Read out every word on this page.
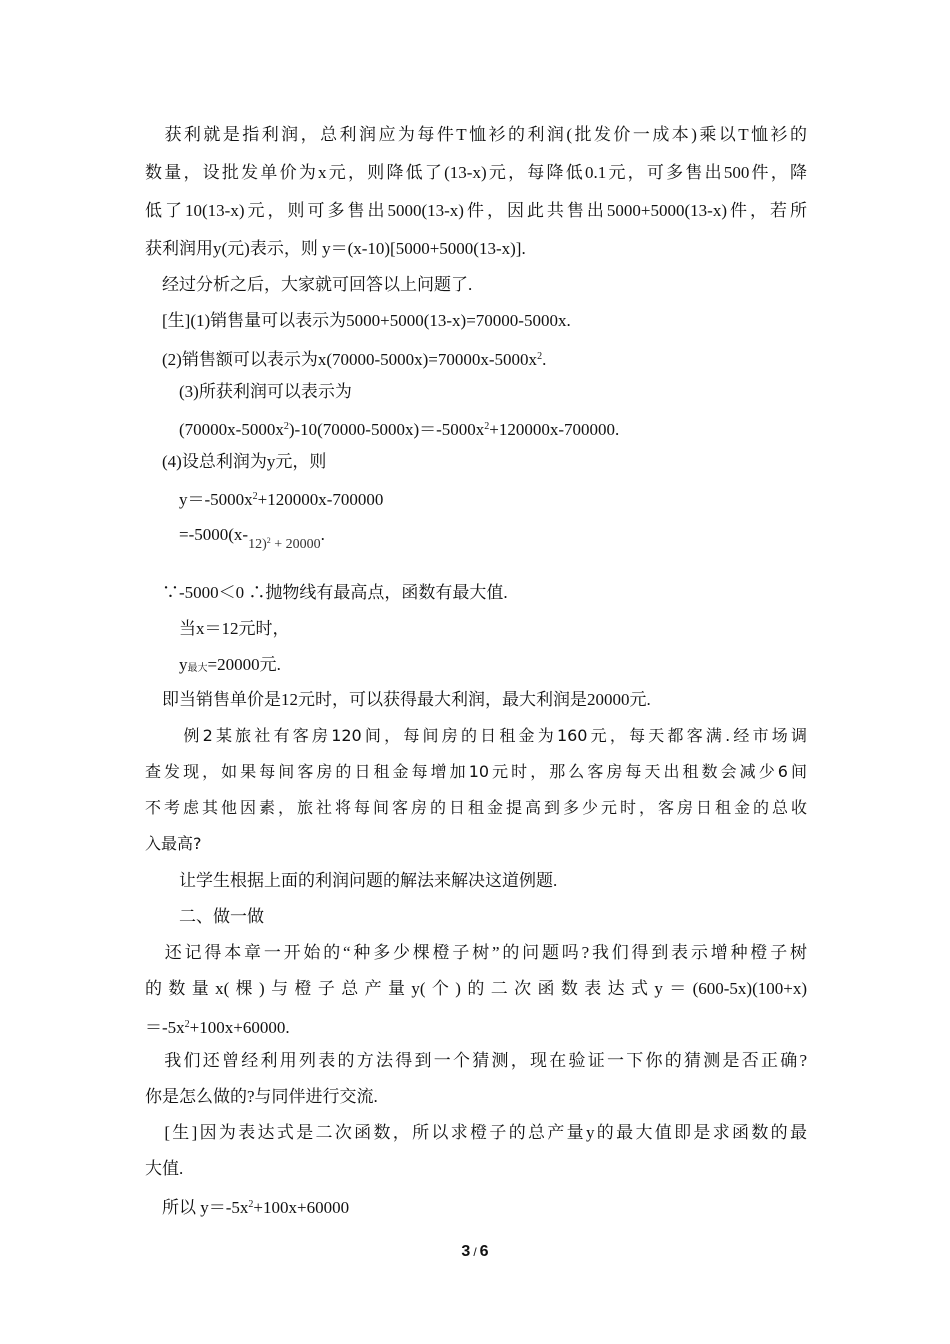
　获利就是指利润，总利润应为每件T恤衫的利润(批发价一成本)乘以T恤衫的
数量，设批发单价为x元，则降低了(13-x)元，每降低0.1元，可多售出500件，降
低了10(13-x)元，则可多售出5000(13-x)件，因此共售出5000+5000(13-x)件，若所
获利润用y(元)表示，则 y＝(x-10)[5000+5000(13-x)].
　经过分析之后，大家就可回答以上问题了.
　[生](1)销售量可以表示为5000+5000(13-x)=70000-5000x.
　(2)销售额可以表示为$x(70000-5000x)=70000x-5000x^2$.
　　(3)所获利润可以表示为
　　$(70000x-5000x^2)-10(70000-5000x)=-5000x^2+120000x-700000$.
　(4)设总利润为y元，则
　　$y=-5000x^2+120000x-700000$
　　$=-5000(x-_{12)^2 + 20000}$.
　∵-5000＜0 ∴抛物线有最高点，函数有最大值.
　　当x＝12元时，
　　y最大=20000元.
　即当销售单价是12元时，可以获得最大利润，最大利润是20000元.
　　例2某旅社有客房120间，每间房的日租金为160元，每天都客满.经市场调
查发现，如果每间客房的日租金每增加10元时，那么客房每天出租数会减少6间
不考虑其他因素，旅社将每间客房的日租金提高到多少元时，客房日租金的总收
入最高?
　　让学生根据上面的利润问题的解法来解决这道例题.
　　二、做一做
　还记得本章一开始的“种多少棵橙子树”的问题吗?我们得到表示增种橙子树
的数量x(棵)与橙子总产量y(个)的二次函数表达式y＝(600-5x)(100+x)
$=-5x^2+100x+60000$.
　我们还曾经利用列表的方法得到一个猜测，现在验证一下你的猜测是否正确?
你是怎么做的?与同伴进行交流.
　[生]因为表达式是二次函数，所以求橙子的总产量y的最大值即是求函数的最
大值.
　所以 $y=-5x^2+100x+60000$
3 / 6
